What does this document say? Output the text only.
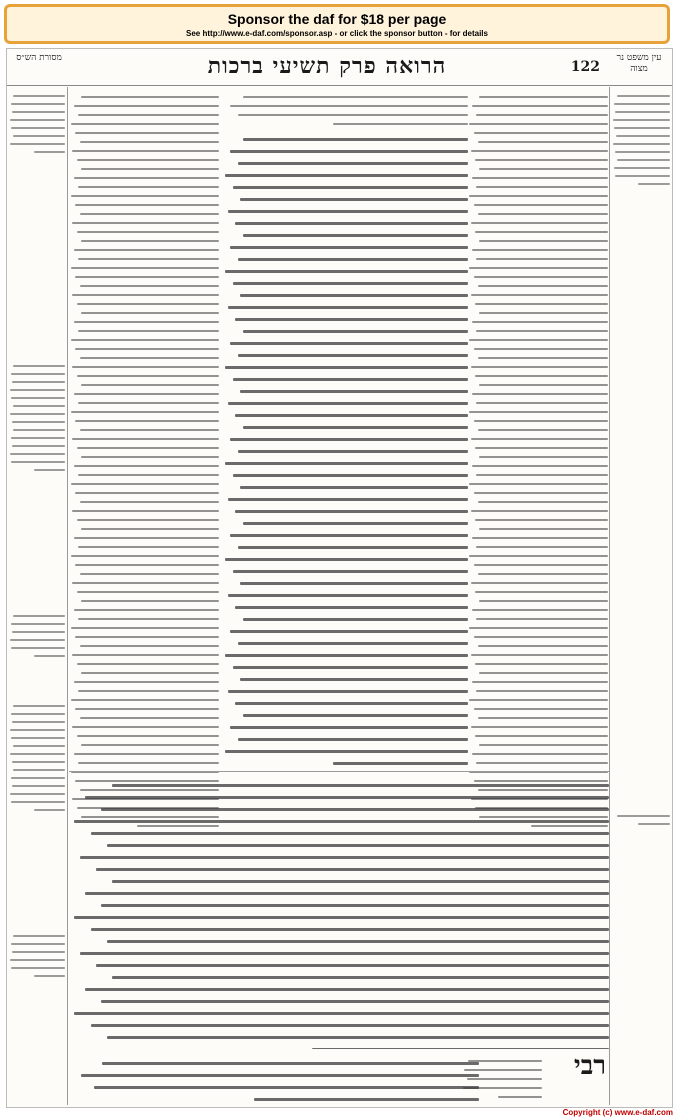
Sponsor the daf for $18 per page
See http://www.e-daf.com/sponsor.asp - or click the sponsor button - for details
מסורת הש״ס	הרואה פרק תשיעי ברכות	122
עין משפט נר מצוה
רבי
Copyright (c) www.e-daf.com
